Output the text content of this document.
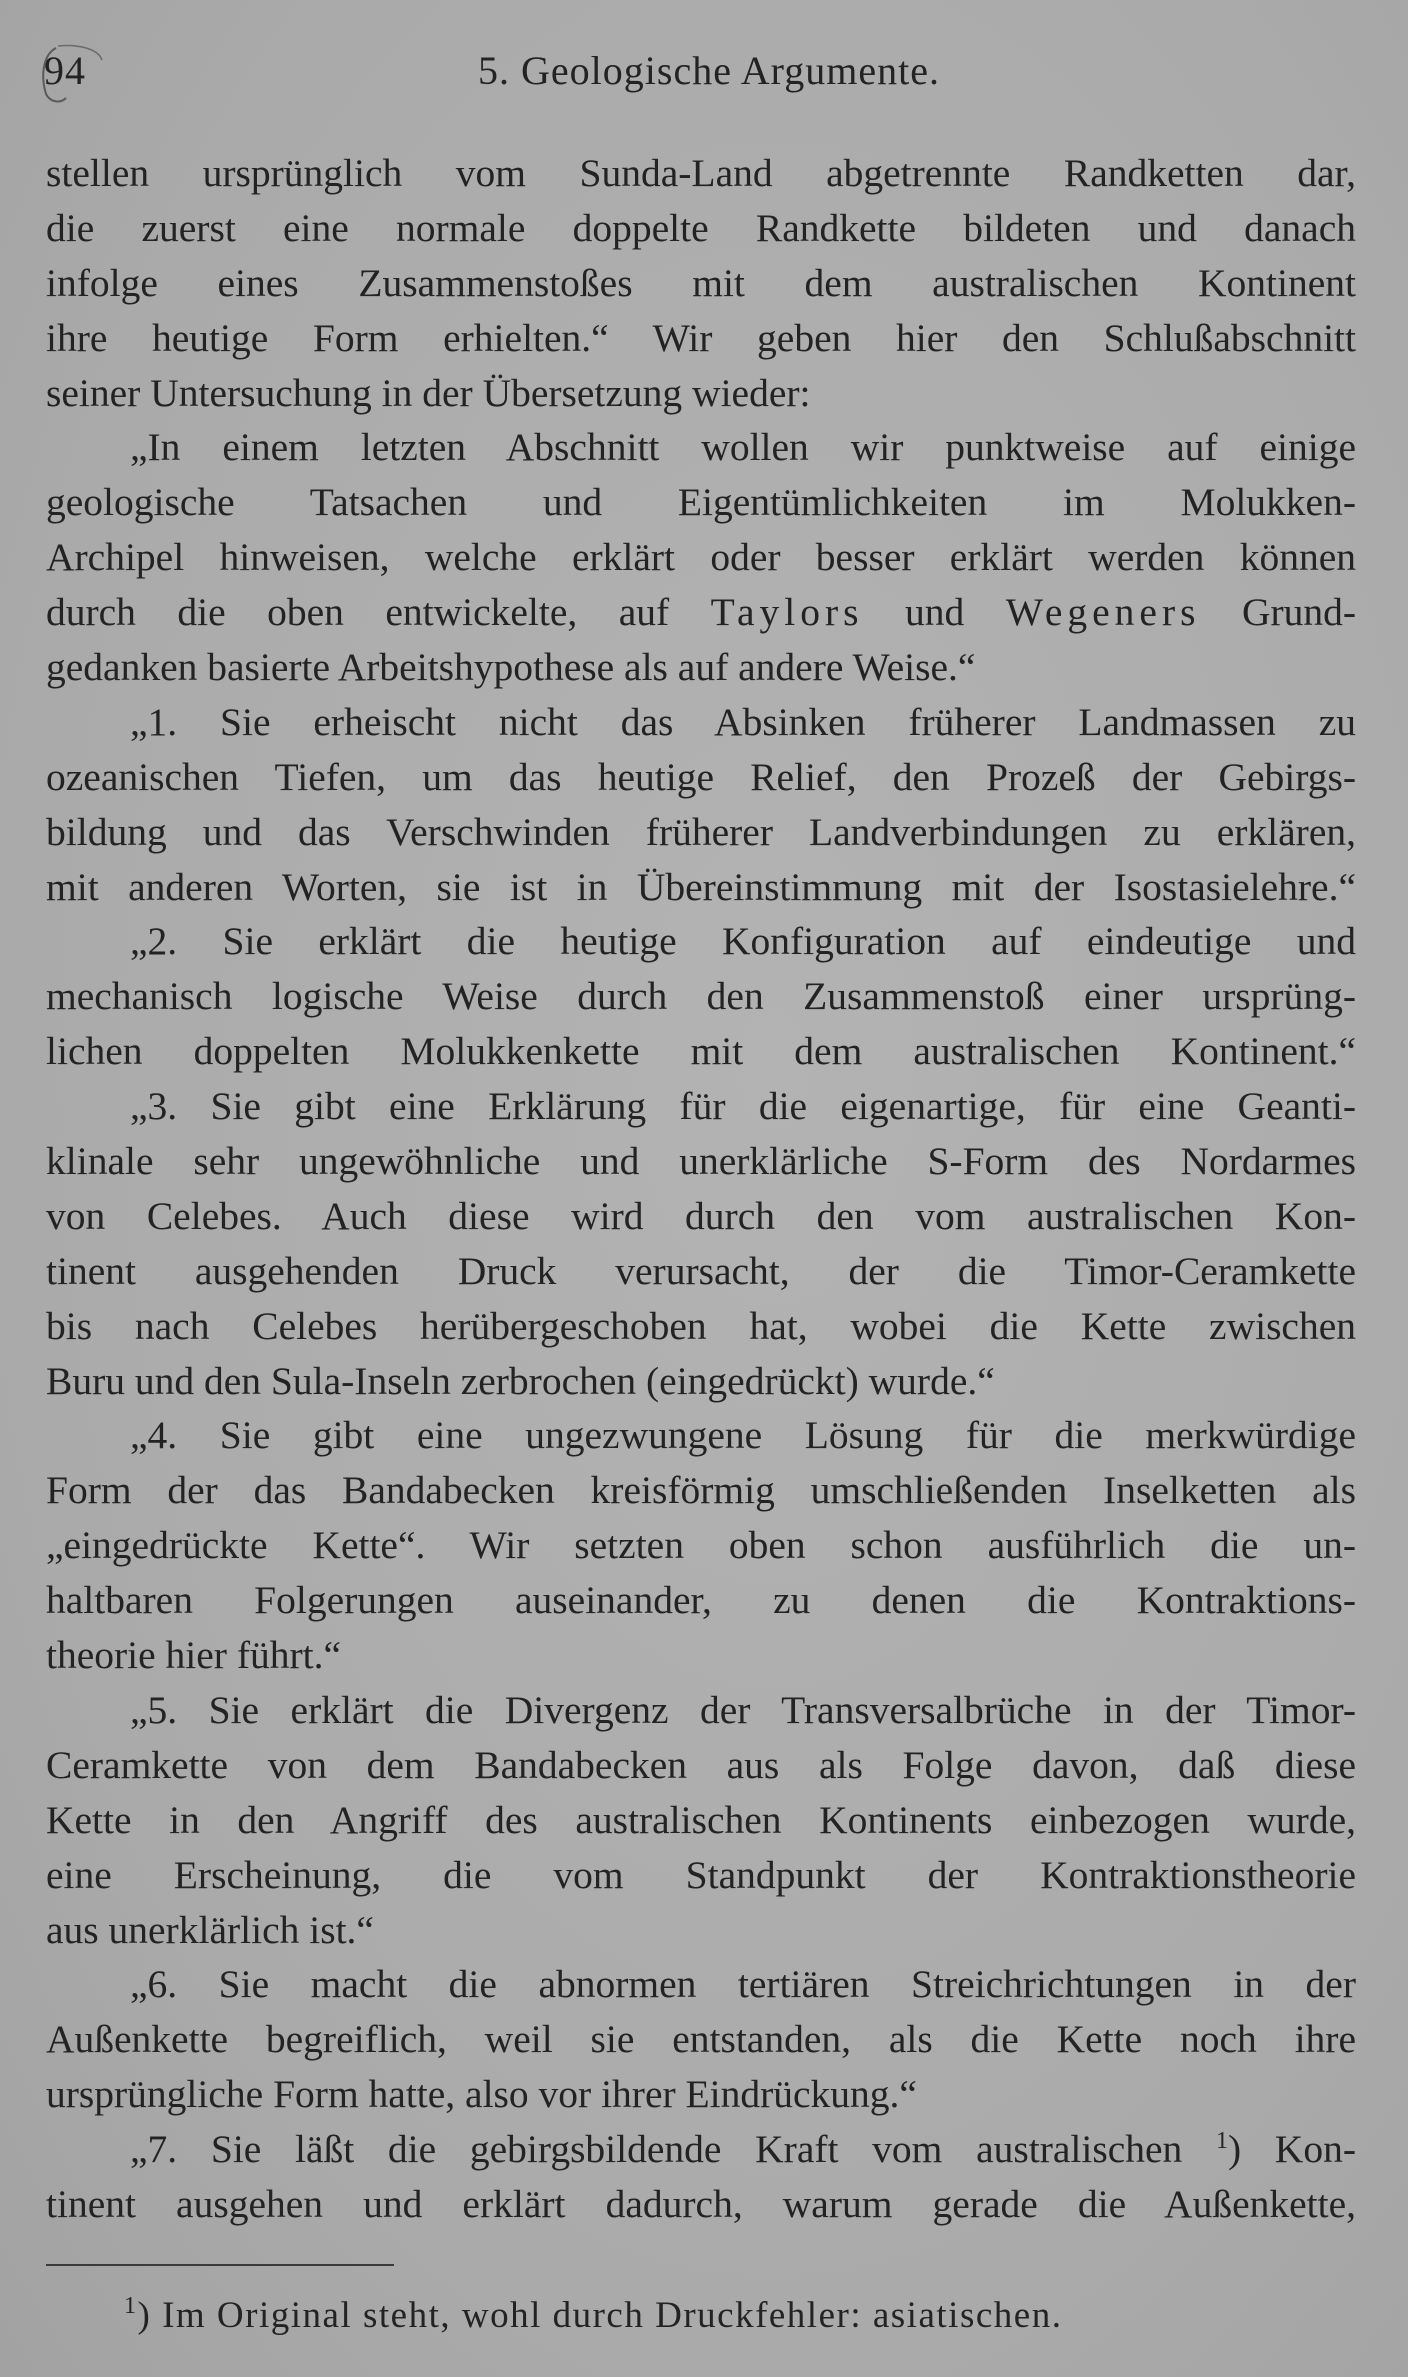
94	5. Geologische Argumente.
stellen ursprünglich vom Sunda-Land abgetrennte Randketten dar,
die zuerst eine normale doppelte Randkette bildeten und danach
infolge eines Zusammenstoßes mit dem australischen Kontinent
ihre heutige Form erhielten.“ Wir geben hier den Schlußabschnitt
seiner Untersuchung in der Übersetzung wieder:
„In einem letzten Abschnitt wollen wir punktweise auf einige
geologische Tatsachen und Eigentümlichkeiten im Molukken-
Archipel hinweisen, welche erklärt oder besser erklärt werden können
durch die oben entwickelte, auf Taylors und Wegeners Grund-
gedanken basierte Arbeitshypothese als auf andere Weise.“
„1. Sie erheischt nicht das Absinken früherer Landmassen zu
ozeanischen Tiefen, um das heutige Relief, den Prozeß der Gebirgs-
bildung und das Verschwinden früherer Landverbindungen zu erklären,
mit anderen Worten, sie ist in Übereinstimmung mit der Isostasielehre.“
„2. Sie erklärt die heutige Konfiguration auf eindeutige und
mechanisch logische Weise durch den Zusammenstoß einer ursprüng-
lichen doppelten Molukkenkette mit dem australischen Kontinent.“
„3. Sie gibt eine Erklärung für die eigenartige, für eine Geanti-
klinale sehr ungewöhnliche und unerklärliche S-Form des Nordarmes
von Celebes. Auch diese wird durch den vom australischen Kon-
tinent ausgehenden Druck verursacht, der die Timor-Ceramkette
bis nach Celebes herübergeschoben hat, wobei die Kette zwischen
Buru und den Sula-Inseln zerbrochen (eingedrückt) wurde.“
„4. Sie gibt eine ungezwungene Lösung für die merkwürdige
Form der das Bandabecken kreisförmig umschließenden Inselketten als
„eingedrückte Kette“. Wir setzten oben schon ausführlich die un-
haltbaren Folgerungen auseinander, zu denen die Kontraktions-
theorie hier führt.“
„5. Sie erklärt die Divergenz der Transversalbrüche in der Timor-
Ceramkette von dem Bandabecken aus als Folge davon, daß diese
Kette in den Angriff des australischen Kontinents einbezogen wurde,
eine Erscheinung, die vom Standpunkt der Kontraktionstheorie
aus unerklärlich ist.“
„6. Sie macht die abnormen tertiären Streichrichtungen in der
Außenkette begreiflich, weil sie entstanden, als die Kette noch ihre
ursprüngliche Form hatte, also vor ihrer Eindrückung.“
„7. Sie läßt die gebirgsbildende Kraft vom australischen $^1$) Kon-
tinent ausgehen und erklärt dadurch, warum gerade die Außenkette,
$^1$) Im Original steht, wohl durch Druckfehler: asiatischen.
